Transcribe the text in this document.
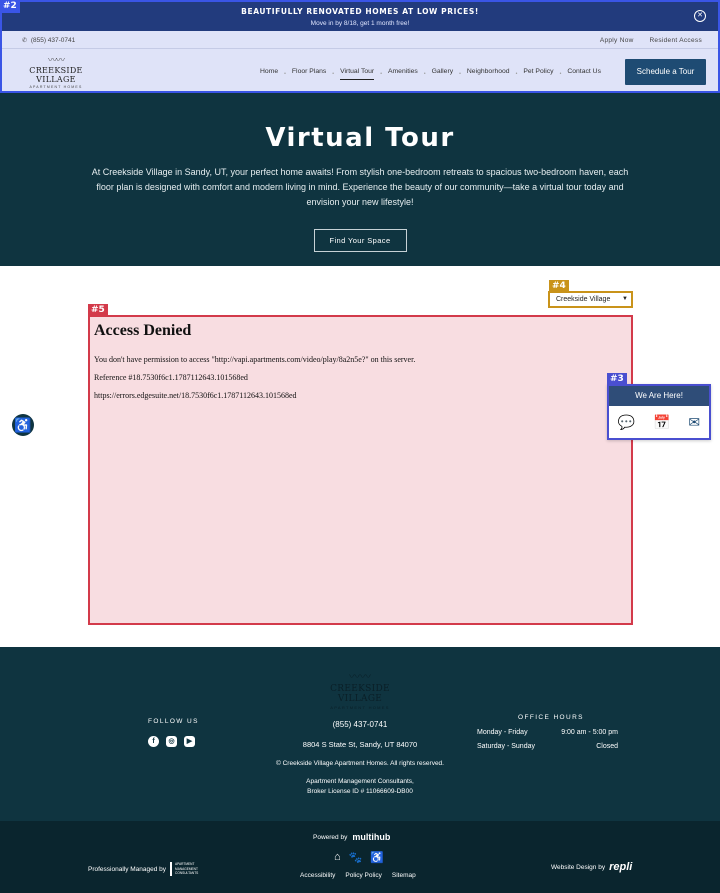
BEAUTIFULLY RENOVATED HOMES AT LOW PRICES!
Move in by 8/18, get 1 month free!
✕
✆ (855) 437-0741	Apply Now Resident Access
〰〰
CREEKSIDE VILLAGE
APARTMENT HOMES
Home • Floor Plans • Virtual Tour • Amenities • Gallery • Neighborhood • Pet Policy • Contact Us	Schedule a Tour
#2
Virtual Tour
At Creekside Village in Sandy, UT, your perfect home awaits! From stylish one-bedroom retreats to spacious two-bedroom haven, each floor plan is designed with comfort and modern living in mind. Experience the beauty of our community—take a virtual tour today and envision your new lifestyle!
Find Your Space
#4
Creekside Village ▼
#5
Access Denied

You don't have permission to access "http://vapi.apartments.com/video/play/8a2n5e?" on this server.

Reference #18.7530f6c1.1787112643.101568ed

https://errors.edgesuite.net/18.7530f6c1.1787112643.101568ed

♿
#3
We Are Here!
💬 📅 ✉
〰〰
CREEKSIDE VILLAGE
APARTMENT HOMES
FOLLOW US
f	◎	▶
(855) 437-0741
8804 S State St, Sandy, UT 84070
© Creekside Village Apartment Homes. All rights reserved.
Apartment Management Consultants,
Broker License ID # 11066609-DB00
OFFICE HOURS
Monday - Friday	9:00 am - 5:00 pm
Saturday - Sunday	Closed
Powered by multihub
Professionally Managed by
APARTMENT MANAGEMENT CONSULTANTS
⌂ 🐾 ♿
Accessibility Policy Policy Sitemap
Website Design by repli
